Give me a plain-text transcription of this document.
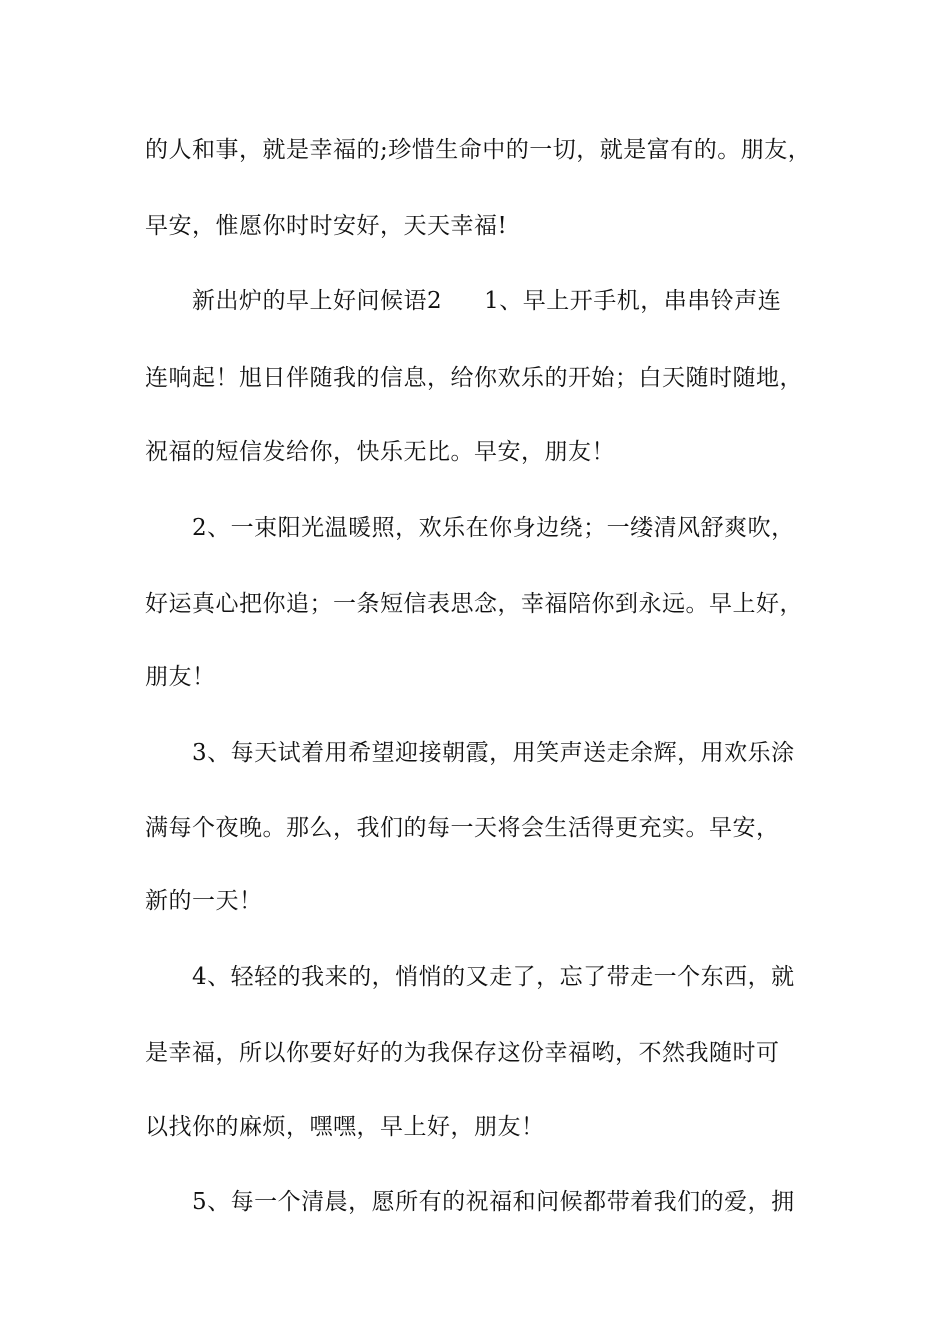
的人和事，就是幸福的;珍惜生命中的一切，就是富有的。朋友，
早安，惟愿你时时安好，天天幸福!
新出炉的早上好问候语2 1、早上开手机，串串铃声连
连响起！旭日伴随我的信息，给你欢乐的开始；白天随时随地，
祝福的短信发给你，快乐无比。早安，朋友！
2、一束阳光温暖照，欢乐在你身边绕；一缕清风舒爽吹，
好运真心把你追；一条短信表思念，幸福陪你到永远。早上好，
朋友！
3、每天试着用希望迎接朝霞，用笑声送走余辉，用欢乐涂
满每个夜晚。那么，我们的每一天将会生活得更充实。早安，
新的一天！
4、轻轻的我来的，悄悄的又走了，忘了带走一个东西，就
是幸福，所以你要好好的为我保存这份幸福哟，不然我随时可
以找你的麻烦，嘿嘿，早上好，朋友！
5、每一个清晨，愿所有的祝福和问候都带着我们的爱，拥
